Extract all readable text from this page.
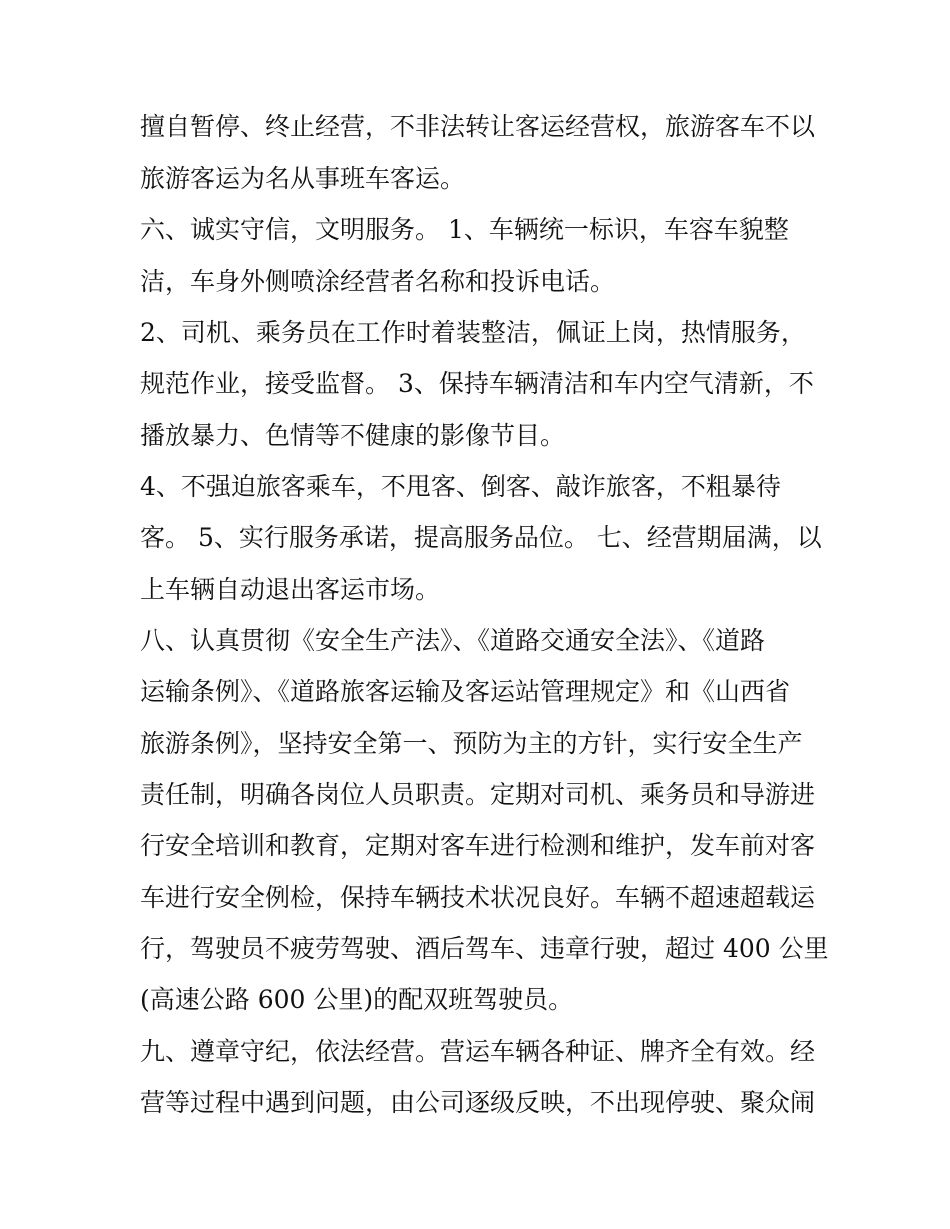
擅自暂停、终止经营，不非法转让客运经营权，旅游客车不以
旅游客运为名从事班车客运。
六、诚实守信，文明服务。 1、车辆统一标识，车容车貌整
洁，车身外侧喷涂经营者名称和投诉电话。
2、司机、乘务员在工作时着装整洁，佩证上岗，热情服务，
规范作业，接受监督。 3、保持车辆清洁和车内空气清新，不
播放暴力、色情等不健康的影像节目。
4、不强迫旅客乘车，不甩客、倒客、敲诈旅客，不粗暴待
客。 5、实行服务承诺，提高服务品位。 七、经营期届满，以
上车辆自动退出客运市场。
八、认真贯彻《安全生产法》、《道路交通安全法》、《道路
运输条例》、《道路旅客运输及客运站管理规定》和《山西省
旅游条例》，坚持安全第一、预防为主的方针，实行安全生产
责任制，明确各岗位人员职责。定期对司机、乘务员和导游进
行安全培训和教育，定期对客车进行检测和维护，发车前对客
车进行安全例检，保持车辆技术状况良好。车辆不超速超载运
行，驾驶员不疲劳驾驶、酒后驾车、违章行驶，超过 400 公里
(高速公路 600 公里)的配双班驾驶员。
九、遵章守纪，依法经营。营运车辆各种证、牌齐全有效。经
营等过程中遇到问题，由公司逐级反映，不出现停驶、聚众闹
